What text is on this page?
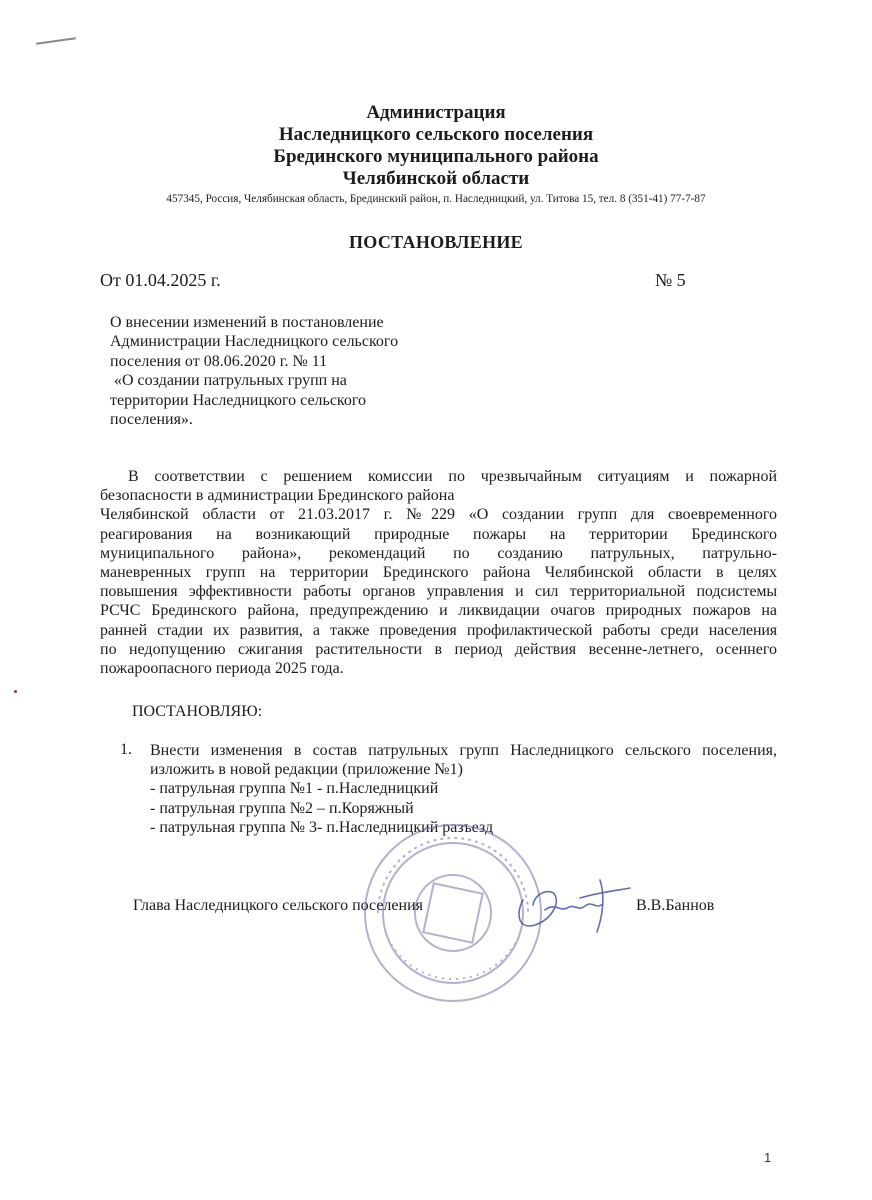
Администрация
Наследницкого сельского поселения
Брединского муниципального района
Челябинской области
457345, Россия, Челябинская область, Брединский район, п. Наследницкий, ул. Титова 15, тел. 8 (351-41) 77-7-87
ПОСТАНОВЛЕНИЕ
От 01.04.2025 г.	№ 5
О внесении изменений в постановление
Администрации Наследницкого сельского
поселения от 08.06.2020 г. № 11
«О создании патрульных групп на
территории Наследницкого сельского
поселения».
В соответствии с решением комиссии по чрезвычайным ситуациям и пожарной
безопасности в администрации Брединского района
Челябинской области от 21.03.2017 г. №229 «О создании групп для своевременного
реагирования на возникающий природные пожары на территории Брединского
муниципального района», рекомендаций по созданию патрульных, патрульно-
маневренных групп на территории Брединского района Челябинской области в целях
повышения эффективности работы органов управления и сил территориальной подсистемы
РСЧС Брединского района, предупреждению и ликвидации очагов природных пожаров на
ранней стадии их развития, а также проведения профилактической работы среди населения
по недопущению сжигания растительности в период действия весенне-летнего, осеннего
пожароопасного периода 2025 года.
ПОСТАНОВЛЯЮ:
1. Внести изменения в состав патрульных групп Наследницкого сельского поселения,
изложить в новой редакции (приложение №1)
- патрульная группа №1 - п.Наследницкий
- патрульная группа №2 – п.Коряжный
- патрульная группа № 3- п.Наследницкий разъезд
Глава Наследницкого сельского поселения	В.В.Баннов
1
